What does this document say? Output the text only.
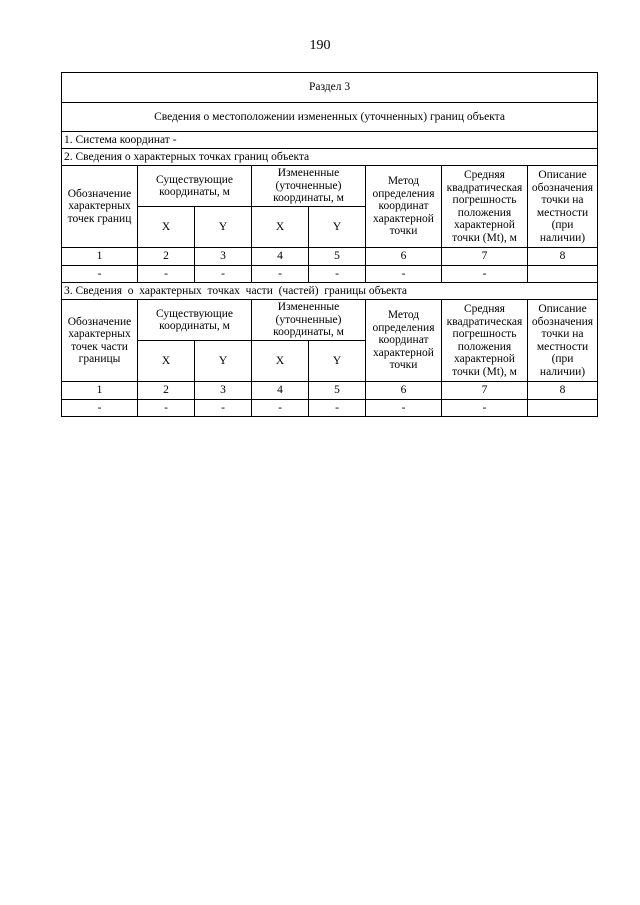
190
Раздел 3							
Сведения о местоположении измененных (уточненных) границ объекта							
1. Система координат -							
2. Сведения о характерных точках границ объекта							
Обозначение характерных точек границ	Существующие координаты, м		Измененные (уточненные) координаты, м		Метод определения координат характерной точки	Средняя квадратическая погрешность положения характерной точки (Mt), м	Описание обозначения точки на местности (при наличии)
	X	Y	X	Y			
1	2	3	4	5	6	7	8
-	-	-	-	-	-	-	
3. Сведения  о  характерных  точках  части  (частей)  границы объекта							
Обозначение характерных точек части границы	Существующие координаты, м		Измененные (уточненные) координаты, м		Метод определения координат характерной точки	Средняя квадратическая погрешность положения характерной точки (Mt), м	Описание обозначения точки на местности (при наличии)
	X	Y	X	Y			
1	2	3	4	5	6	7	8
-	-	-	-	-	-	-	
